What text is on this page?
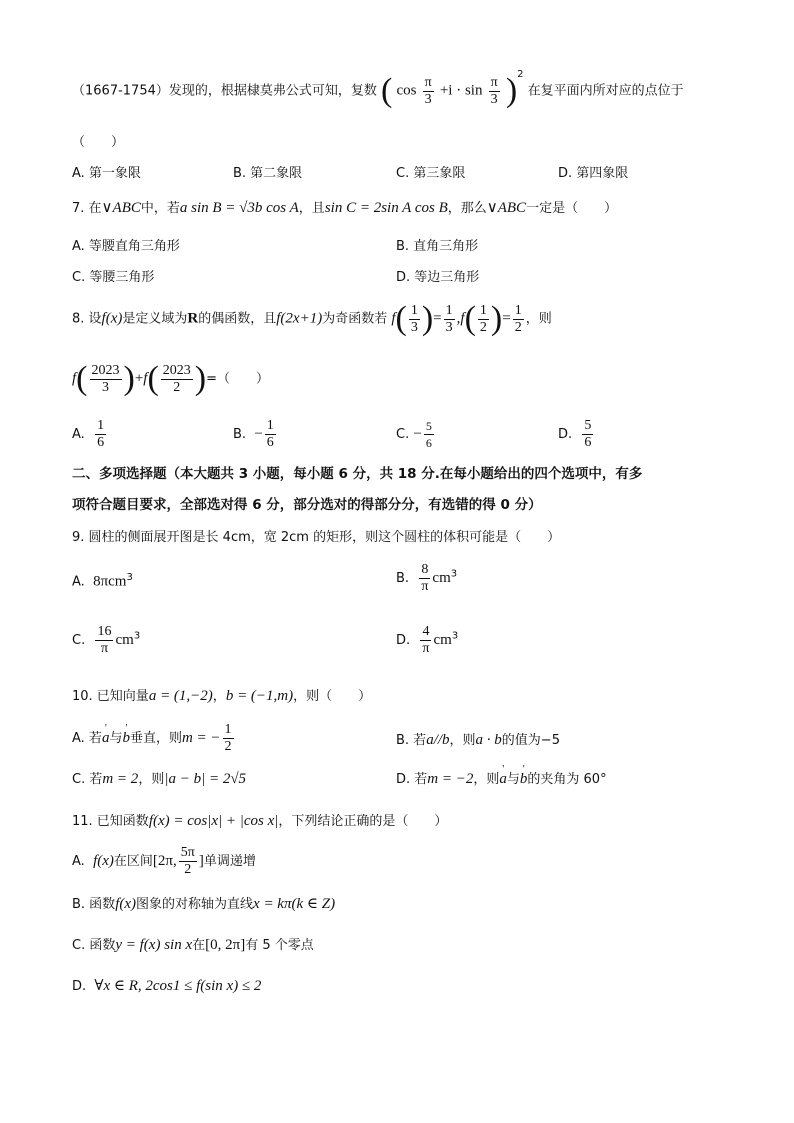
（1667-1754）发现的，根据棣莫弗公式可知，复数 ( $\cos \frac{\pi}{3} +i \cdot \sin \frac{\pi}{3} )^2$ 在复平面内所对应的点位于
（　　）
A. 第一象限	B. 第二象限	C. 第三象限	D. 第四象限
7. 在∨ABC中，若a sin B = √3b cos A，且sin C = 2sin A cos B，那么∨ABC一定是（　　）
A. 等腰直角三角形	B. 直角三角形
C. 等腰三角形	D. 等边三角形
8. 设f(x)是定义域为R的偶函数，且f(2x+1)为奇函数若 $f( \frac{1}{3}$ )= $\frac{1}{3} ,f( \frac{1}{2}$ )= $\frac{1}{2}$ ，则
$f( \frac{2023}{3} )+f( \frac{2023}{2}$ )=（　　）
A. $\frac{1}{6}$	B. − $\frac{1}{6}$	C. − $\frac{5}{6}$	D. $\frac{5}{6}$
二、多项选择题（本大题共 3 小题，每小题 6 分，共 18 分.在每小题给出的四个选项中，有多
项符合题目要求，全部选对得 6 分，部分选对的得部分分，有选错的得 0 分）
9. 圆柱的侧面展开图是长 4cm，宽 2cm 的矩形，则这个圆柱的体积可能是（　　）
A. 8πcm$^3$	B. $\frac{8}{\pi} cm^3$
C. $\frac{16}{\pi} cm^3$	D. $\frac{4}{\pi} cm^3$
10. 已知向量a = (1,−2)，b = (−1,m)，则（　　）
A. 若' a与' b垂直，则m = − $\frac{1}{2}$	B. 若a//b，则a · b的值为−5
C. 若m = 2，则|a − b| = 2√5	D. 若m = −2，则' a与' b的夹角为 60°
11. 已知函数f(x) = cos|x| + |cos x|，下列结论正确的是（　　）
A. f(x)在区间[2π, $\frac{5\pi}{2}$ ]单调递增
B. 函数f(x)图象的对称轴为直线x = kπ(k ∈ Z)
C. 函数y = f(x) sin x在[0, 2π]有 5 个零点
D. ∀x ∈ R, 2cos1 ≤ f(sin x) ≤ 2
